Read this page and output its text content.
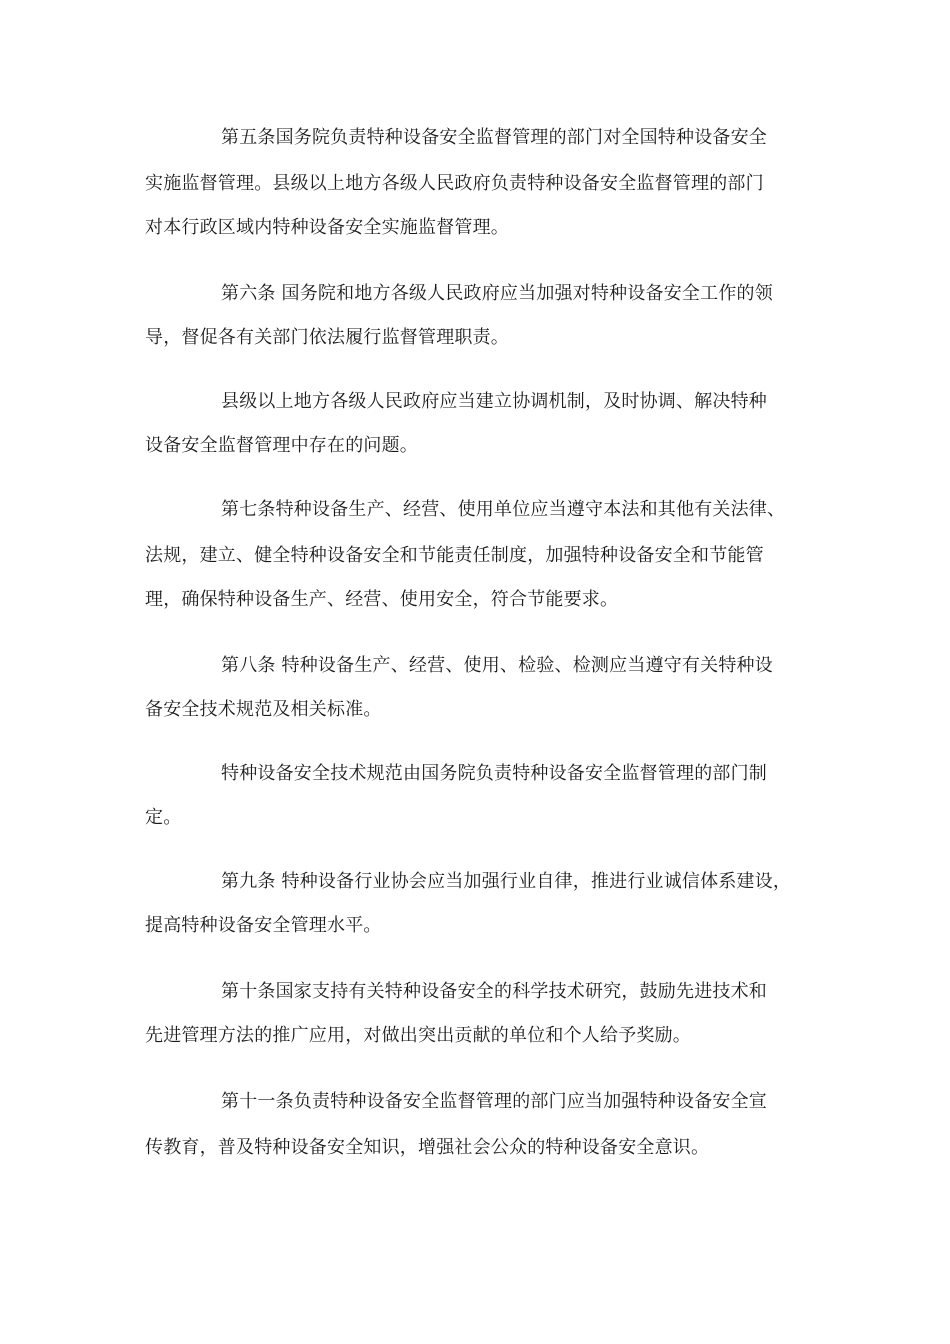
第五条国务院负责特种设备安全监督管理的部门对全国特种设备安全
实施监督管理。县级以上地方各级人民政府负责特种设备安全监督管理的部门
对本行政区域内特种设备安全实施监督管理。
第六条 国务院和地方各级人民政府应当加强对特种设备安全工作的领
导，督促各有关部门依法履行监督管理职责。
县级以上地方各级人民政府应当建立协调机制，及时协调、解决特种
设备安全监督管理中存在的问题。
第七条特种设备生产、经营、使用单位应当遵守本法和其他有关法律、
法规，建立、健全特种设备安全和节能责任制度，加强特种设备安全和节能管
理，确保特种设备生产、经营、使用安全，符合节能要求。
第八条 特种设备生产、经营、使用、检验、检测应当遵守有关特种设
备安全技术规范及相关标准。
特种设备安全技术规范由国务院负责特种设备安全监督管理的部门制
定。
第九条 特种设备行业协会应当加强行业自律，推进行业诚信体系建设，
提高特种设备安全管理水平。
第十条国家支持有关特种设备安全的科学技术研究，鼓励先进技术和
先进管理方法的推广应用，对做出突出贡献的单位和个人给予奖励。
第十一条负责特种设备安全监督管理的部门应当加强特种设备安全宣
传教育，普及特种设备安全知识，增强社会公众的特种设备安全意识。
